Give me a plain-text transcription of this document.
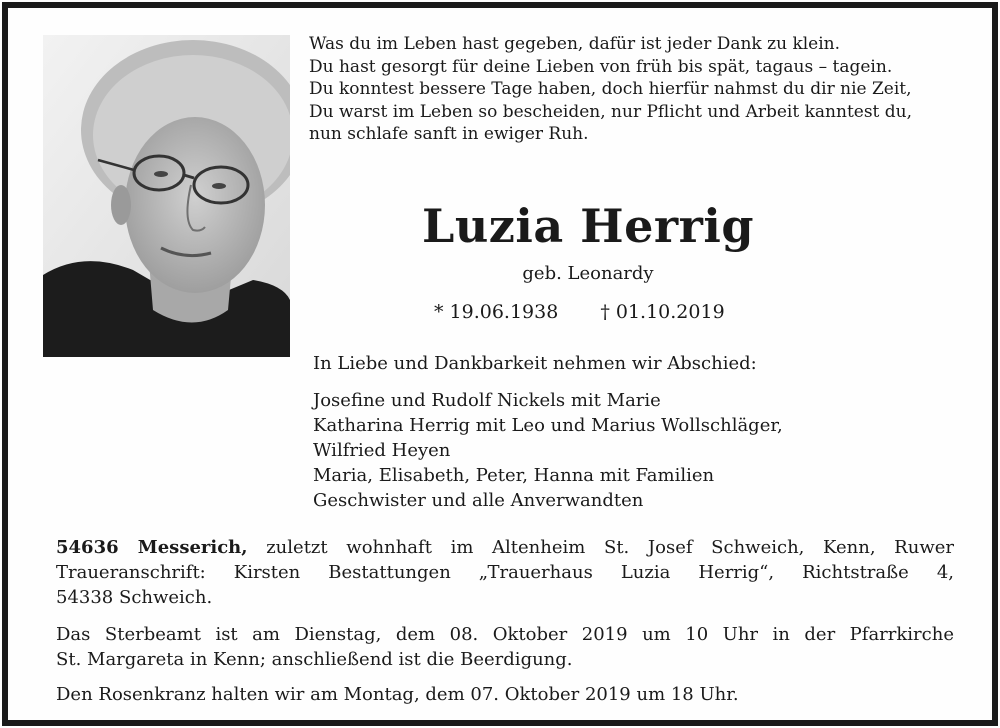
Was du im Leben hast gegeben, dafür ist jeder Dank zu klein.
Du hast gesorgt für deine Lieben von früh bis spät, tagaus – tagein.
Du konntest bessere Tage haben, doch hierfür nahmst du dir nie Zeit,
Du warst im Leben so bescheiden, nur Pflicht und Arbeit kanntest du,
nun schlafe sanft in ewiger Ruh.
Luzia Herrig
geb. Leonardy
* 19.06.1938 † 01.10.2019
In Liebe und Dankbarkeit nehmen wir Abschied:
Josefine und Rudolf Nickels mit Marie
Katharina Herrig mit Leo und Marius Wollschläger,
Wilfried Heyen
Maria, Elisabeth, Peter, Hanna mit Familien
Geschwister und alle Anverwandten
54636 Messerich, zuletzt wohnhaft im Altenheim St. Josef Schweich, Kenn, Ruwer
Traueranschrift: Kirsten Bestattungen „Trauerhaus Luzia Herrig“, Richtstraße 4,
54338 Schweich.
Das Sterbeamt ist am Dienstag, dem 08. Oktober 2019 um 10 Uhr in der Pfarrkirche
St. Margareta in Kenn; anschließend ist die Beerdigung.
Den Rosenkranz halten wir am Montag, dem 07. Oktober 2019 um 18 Uhr.
